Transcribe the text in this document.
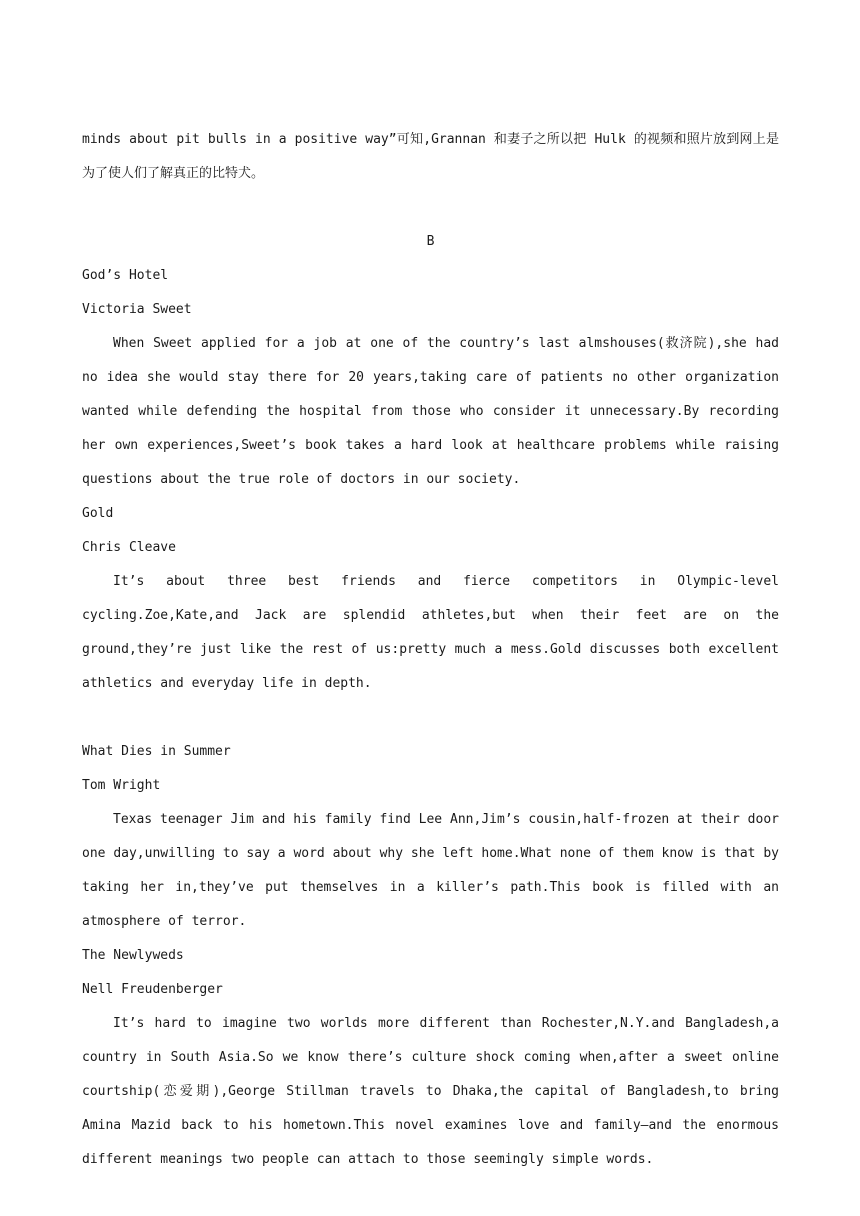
minds about pit bulls in a positive way”可知,Grannan 和妻子之所以把 Hulk 的视频和照片放到网上是为了使人们了解真正的比特犬。

B
God’s Hotel
Victoria Sweet

When Sweet applied for a job at one of the country’s last almshouses(救济院),she had no idea she would stay there for 20 years,taking care of patients no other organization wanted while defending the hospital from those who consider it unnecessary.By recording her own experiences,Sweet’s book takes a hard look at healthcare problems while raising questions about the true role of doctors in our society.

Gold
Chris Cleave

It’s about three best friends and fierce competitors in Olympic-level cycling.Zoe,Kate,and Jack are splendid athletes,but when their feet are on the ground,they’re just like the rest of us:pretty much a mess.Gold discusses both excellent athletics and everyday life in depth.

What Dies in Summer
Tom Wright

Texas teenager Jim and his family find Lee Ann,Jim’s cousin,half-frozen at their door one day,unwilling to say a word about why she left home.What none of them know is that by taking her in,they’ve put themselves in a killer’s path.This book is filled with an atmosphere of terror.

The Newlyweds
Nell Freudenberger

It’s hard to imagine two worlds more different than Rochester,N.Y.and Bangladesh,a country in South Asia.So we know there’s culture shock coming when,after a sweet online courtship(恋爱期),George Stillman travels to Dhaka,the capital of Bangladesh,to bring Amina Mazid back to his hometown.This novel examines love and family—and the enormous different meanings two people can attach to those seemingly simple words.
